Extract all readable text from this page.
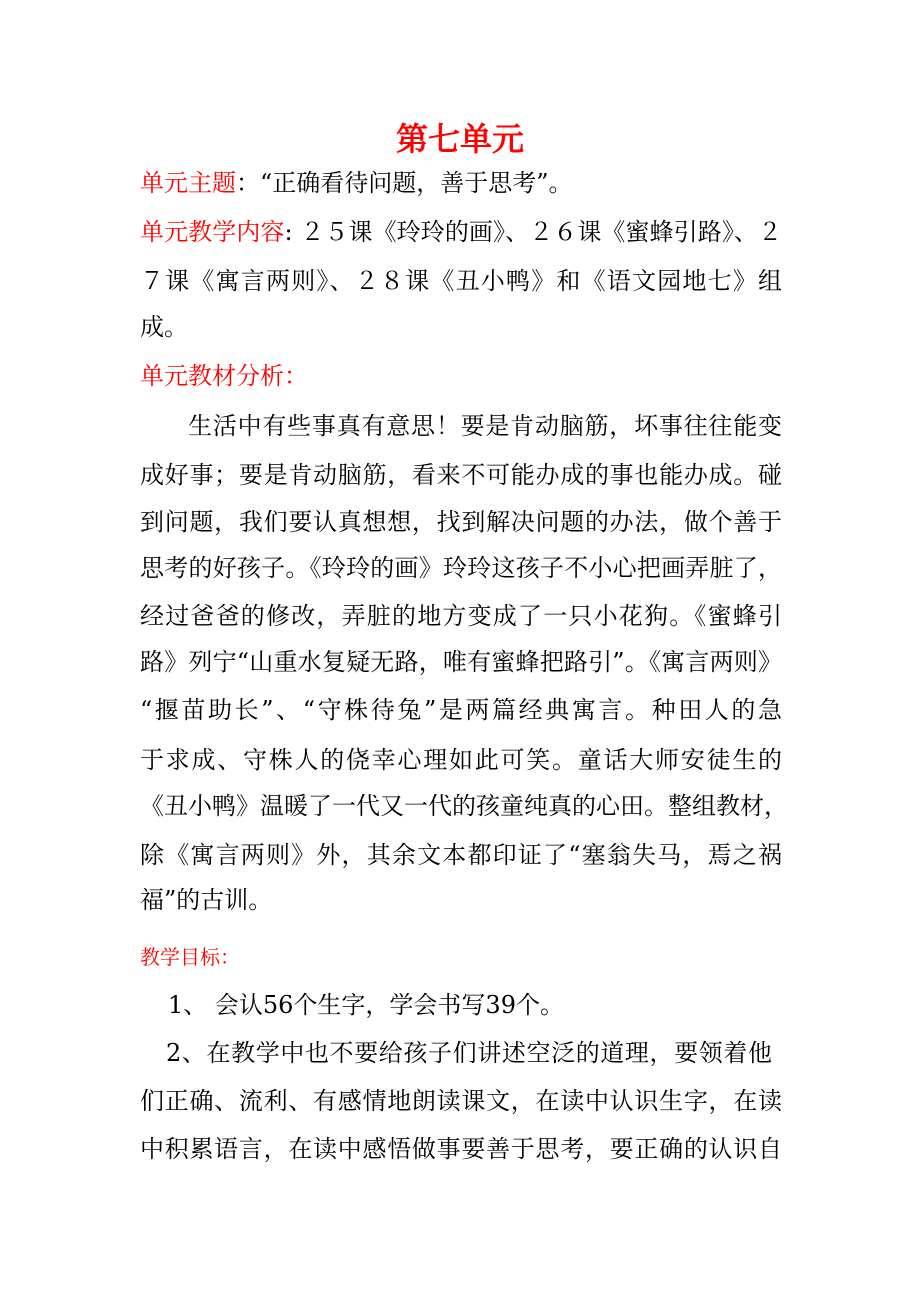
第七单元
单元主题：“正确看待问题，善于思考”。
单元教学内容: ２５课《玲玲的画》、２６课《蜜蜂引路》、２
７课《寓言两则》、２８课《丑小鸭》和《语文园地七》组
成。
单元教材分析：
生活中有些事真有意思！要是肯动脑筋，坏事往往能变
成好事；要是肯动脑筋，看来不可能办成的事也能办成。碰
到问题，我们要认真想想，找到解决问题的办法，做个善于
思考的好孩子。《玲玲的画》玲玲这孩子不小心把画弄脏了，
经过爸爸的修改，弄脏的地方变成了一只小花狗。《蜜蜂引
路》列宁“山重水复疑无路，唯有蜜蜂把路引”。《寓言两则》
“揠苗助长”、“守株待兔”是两篇经典寓言。种田人的急
于求成、守株人的侥幸心理如此可笑。童话大师安徒生的
《丑小鸭》温暖了一代又一代的孩童纯真的心田。整组教材，
除《寓言两则》外，其余文本都印证了“塞翁失马，焉之祸
福”的古训。
教学目标：
1、 会认56个生字，学会书写39个。
2、在教学中也不要给孩子们讲述空泛的道理，要领着他
们正确、流利、有感情地朗读课文，在读中认识生字，在读
中积累语言，在读中感悟做事要善于思考，要正确的认识自
